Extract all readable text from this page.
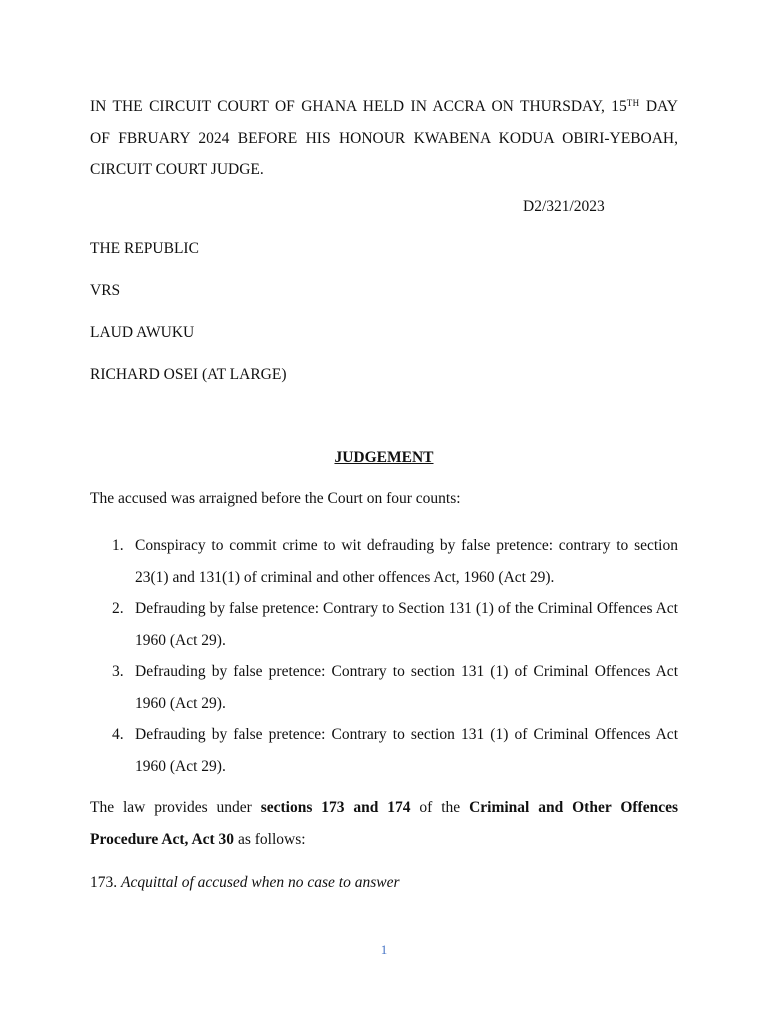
IN THE CIRCUIT COURT OF GHANA HELD IN ACCRA ON THURSDAY, 15TH DAY
OF FBRUARY 2024 BEFORE HIS HONOUR KWABENA KODUA OBIRI-YEBOAH,
CIRCUIT COURT JUDGE.

D2/321/2023
THE REPUBLIC
VRS
LAUD AWUKU
RICHARD OSEI (AT LARGE)
JUDGEMENT
The accused was arraigned before the Court on four counts:
1. Conspiracy to commit crime to wit defrauding by false pretence: contrary to section 23(1) and 131(1) of criminal and other offences Act, 1960 (Act 29).
2. Defrauding by false pretence: Contrary to Section 131 (1) of the Criminal Offences Act 1960 (Act 29).
3. Defrauding by false pretence: Contrary to section 131 (1) of Criminal Offences Act 1960 (Act 29).
4. Defrauding by false pretence: Contrary to section 131 (1) of Criminal Offences Act 1960 (Act 29).
The law provides under sections 173 and 174 of the Criminal and Other Offences
Procedure Act, Act 30 as follows:
173. Acquittal of accused when no case to answer
1
